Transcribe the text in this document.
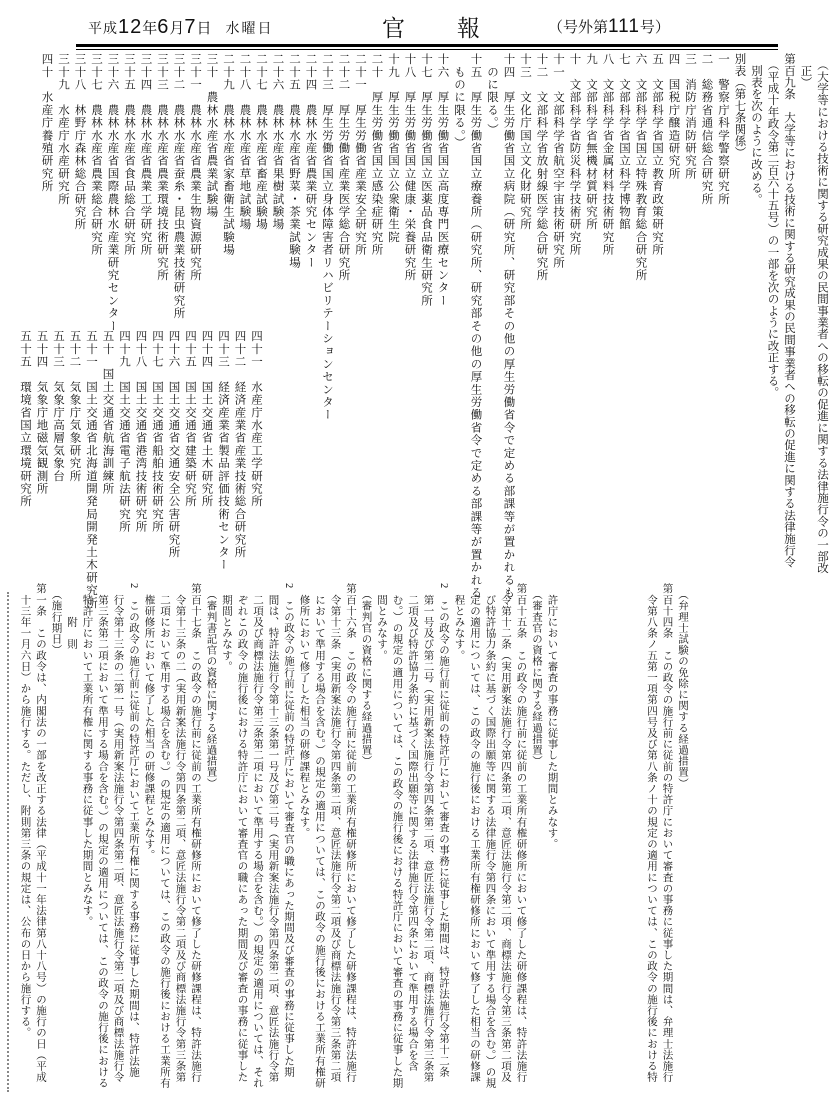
平成12年6月7日 水曜日	官　　報	（号外第111号）
　（大学等における技術に関する研究成果の民間事業者への移転の促進に関する法律施行令の一部改
　正）
第百九条　大学等における技術に関する研究成果の民間事業者への移転の促進に関する法律施行令
　（平成十年政令第二百六十五号）の一部を次のように改正する。
　別表を次のように改める。
別表（第七条関係）
一　警察庁科学警察研究所
二　総務省通信総合研究所
三　消防庁消防研究所
四　国税庁醸造研究所
五　文部科学省国立教育政策研究所
六　文部科学省国立特殊教育総合研究所
七　文部科学省国立科学博物館
八　文部科学省金属材料技術研究所
九　文部科学省無機材質研究所
十　文部科学省防災科学技術研究所
十一　文部科学省航空宇宙技術研究所
十二　文部科学省放射線医学総合研究所
十三　文化庁国立文化財研究所
十四　厚生労働省国立病院（研究所、研究部その他の厚生労働省令で定める部課等が置かれるも
　のに限る。）
十五　厚生労働省国立療養所（研究所、研究部その他の厚生労働省令で定める部課等が置かれる
　ものに限る。）
十六　厚生労働省国立高度専門医療センター
十七　厚生労働省国立医薬品食品衛生研究所
十八　厚生労働省国立健康・栄養研究所
十九　厚生労働省国立公衆衛生院
二十　厚生労働省国立感染症研究所
二十一　厚生労働省産業安全研究所
二十二　厚生労働省産業医学総合研究所
二十三　厚生労働省国立身体障害者リハビリテーションセンター
二十四　農林水産省農業研究センター
二十五　農林水産省野菜・茶業試験場
二十六　農林水産省果樹試験場
二十七　農林水産省畜産試験場
二十八　農林水産省草地試験場
二十九　農林水産省家畜衛生試験場
三十　農林水産省農業試験場
三十一　農林水産省農業生物資源研究所
三十二　農林水産省蚕糸・昆虫農業技術研究所
三十三　農林水産省農業環境技術研究所
三十四　農林水産省農業工学研究所
三十五　農林水産省食品総合研究所
三十六　農林水産省国際農林水産業研究センター
三十七　農林水産省農業総合研究所
三十八　林野庁森林総合研究所
三十九　水産庁水産研究所
四十　水産庁養殖研究所
四十一　水産庁水産工学研究所
四十二　経済産業省産業技術総合研究所
四十三　経済産業省製品評価技術センター
四十四　国土交通省土木研究所
四十五　国土交通省建築研究所
四十六　国土交通省交通安全公害研究所
四十七　国土交通省船舶技術研究所
四十八　国土交通省港湾技術研究所
四十九　国土交通省電子航法研究所
五十　国土交通省航海訓練所
五十一　国土交通省北海道開発局開発土木研究所
五十二　気象庁気象研究所
五十三　気象庁高層気象台
五十四　気象庁地磁気観測所
五十五　環境省国立環境研究所
　（弁理士試験の免除に関する経過措置）
第百十四条　この政令の施行前に従前の特許庁において審査の事務に従事した期間は、弁理士法施行
　令第八条ノ五第一項第四号及び第八条ノ十の規定の適用については、この政令の施行後における特
　許庁において審査の事務に従事した期間とみなす。
　（審査官の資格に関する経過措置）
第百十五条　この政令の施行前に従前の工業所有権研修所において修了した研修課程は、特許法施行
　令第十二条（実用新案法施行令第四条第二項、意匠法施行令第二項、商標法施行令第三条第二項及
　び特許協力条約に基づく国際出願等に関する法律施行令第四条において準用する場合を含む。）の規
　定の適用については、この政令の施行後における工業所有権研修所において修了した相当の研修課
　程とみなす。
2　この政令の施行前に従前の特許庁において審査の事務に従事した期間は、特許法施行令第十二条
　第一号及び第二号（実用新案法施行令第四条第二項、意匠法施行令第二項、商標法施行令第三条第
　二項及び特許協力条約に基づく国際出願等に関する法律施行令第四条において準用する場合を含
　む。）の規定の適用については、この政令の施行後における特許庁において審査の事務に従事した期
　間とみなす。
　（審判官の資格に関する経過措置）
第百十六条　この政令の施行前に従前の工業所有権研修所において修了した研修課程は、特許法施行
　令第十三条（実用新案法施行令第四条第二項、意匠法施行令第二項及び商標法施行令第三条第二項
　において準用する場合を含む。）の規定の適用については、この政令の施行後における工業所有権研
　修所において修了した相当の研修課程とみなす。
2　この政令の施行前に従前の特許庁において審査官の職にあった期間及び審査の事務に従事した期
　間は、特許法施行令第十三条第一号及び第二号（実用新案法施行令第四条第二項、意匠法施行令第
　二項及び商標法施行令第三条第二項において準用する場合を含む。）の規定の適用については、それ
　ぞれこの政令の施行後における特許庁において審査官の職にあった期間及び審査の事務に従事した
　期間とみなす。
　（審判書記官の資格に関する経過措置）
第百十七条　この政令の施行前に従前の工業所有権研修所において修了した研修課程は、特許法施行
　令第十三条の二（実用新案法施行令第四条第二項、意匠法施行令第二項及び商標法施行令第三条第
　二項において準用する場合を含む。）の規定の適用については、この政令の施行後における工業所有
　権研修所において修了した相当の研修課程とみなす。
2　この政令の施行前に従前の特許庁において工業所有権に関する事務に従事した期間は、特許法施
　行令第十三条の二第一号（実用新案法施行令第四条第二項、意匠法施行令第二項及び商標法施行令
　第三条第二項において準用する場合を含む。）の規定の適用については、この政令の施行後における
　特許庁において工業所有権に関する事務に従事した期間とみなす。
　　　附　則
　（施行期日）
第一条　この政令は、内閣法の一部を改正する法律（平成十一年法律第八十八号）の施行の日（平成
　十三年一月六日）から施行する。ただし、附則第三条の規定は、公布の日から施行する。
